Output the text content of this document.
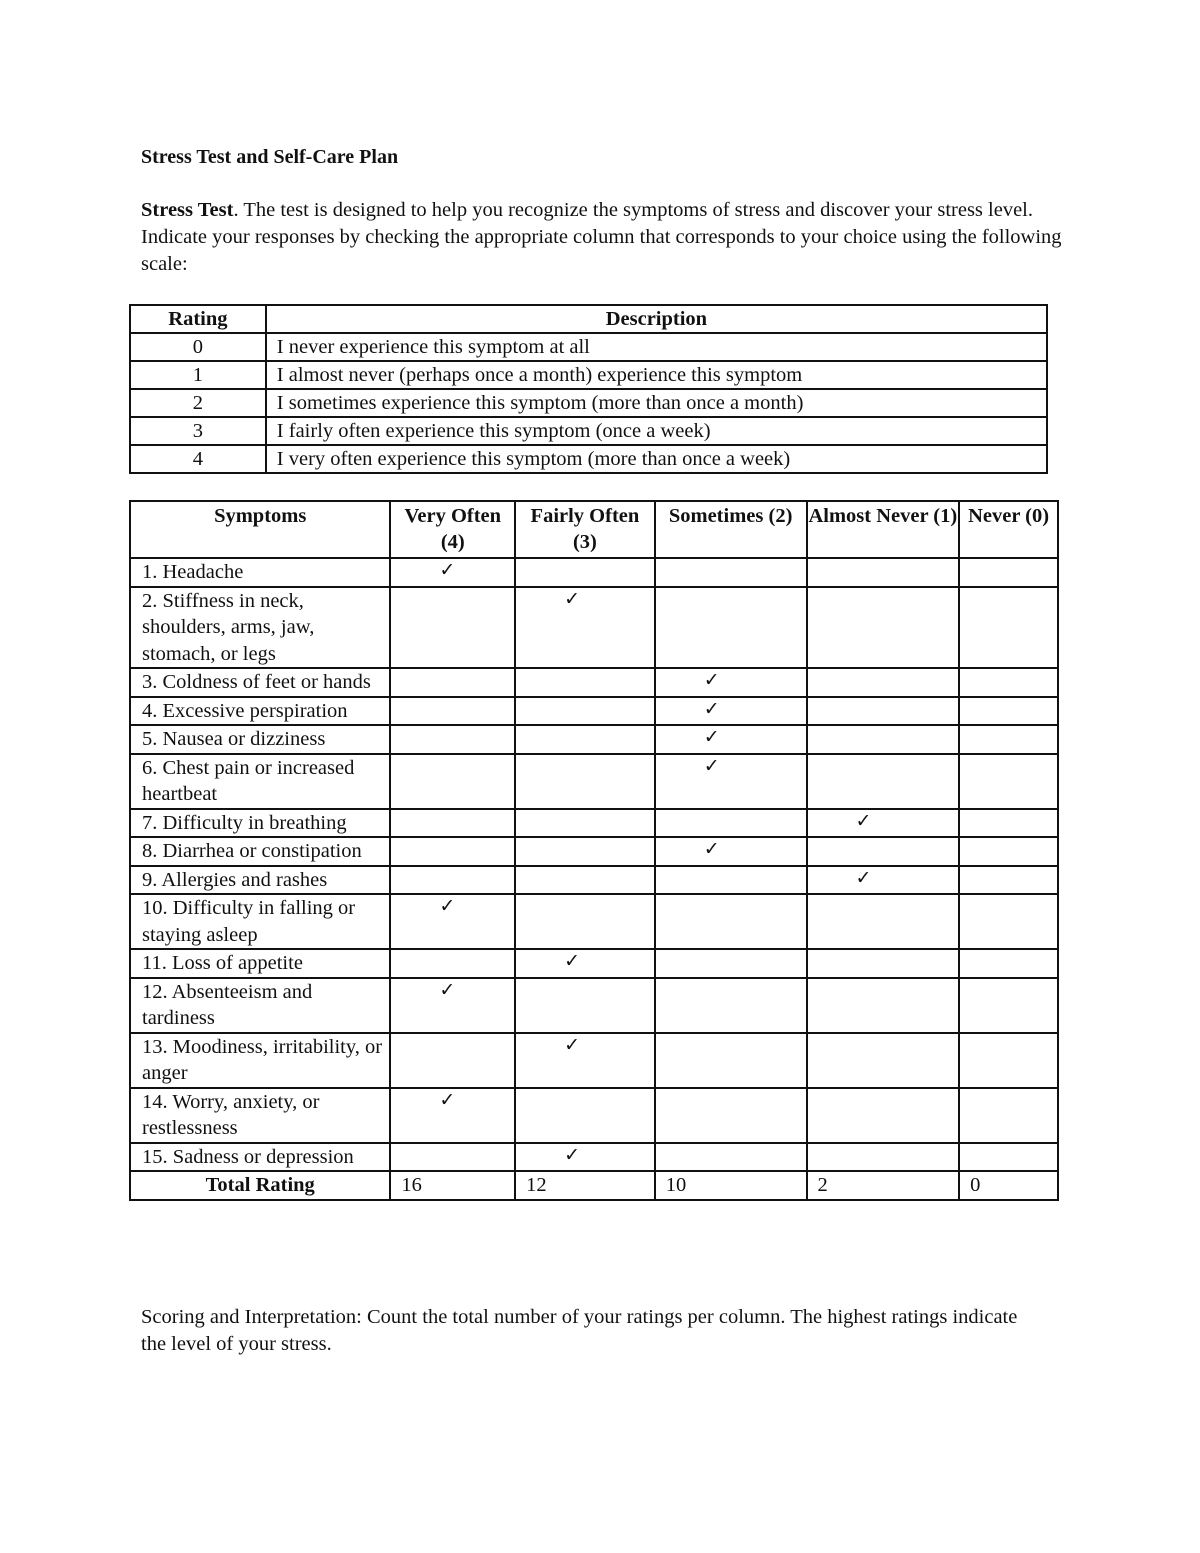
Stress Test and Self-Care Plan
Stress Test. The test is designed to help you recognize the symptoms of stress and discover your stress level. Indicate your responses by checking the appropriate column that corresponds to your choice using the following scale:
Rating	Description
0	I never experience this symptom at all
1	I almost never (perhaps once a month) experience this symptom
2	I sometimes experience this symptom (more than once a month)
3	I fairly often experience this symptom (once a week)
4	I very often experience this symptom (more than once a week)
Symptoms	Very Often (4)	Fairly Often (3)	Sometimes (2)	Almost Never (1)	Never (0)
1. Headache	✓				

2. Stiffness in neck, shoulders, arms, jaw, stomach, or legs		✓			

3. Coldness of feet or hands			✓		

4. Excessive perspiration			✓		

5. Nausea or dizziness			✓		

6. Chest pain or increased heartbeat			✓		

7. Difficulty in breathing				✓	

8. Diarrhea or constipation			✓		

9. Allergies and rashes				✓	

10. Difficulty in falling or staying asleep	✓				

11. Loss of appetite		✓			

12. Absenteeism and tardiness	✓				

13. Moodiness, irritability, or anger		✓			

14. Worry, anxiety, or restlessness	✓				

15. Sadness or depression		✓			

Total Rating	16	12	10	2	0
Scoring and Interpretation: Count the total number of your ratings per column. The highest ratings indicate the level of your stress.
